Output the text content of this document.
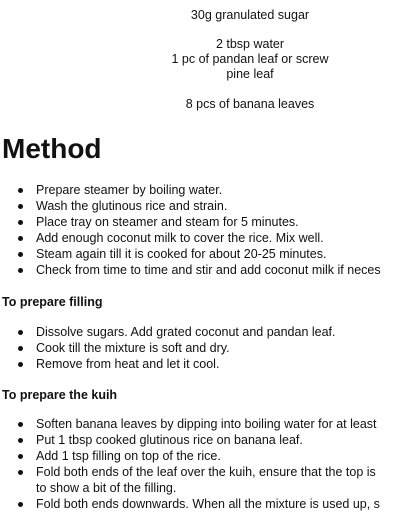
30g granulated sugar
2 tbsp water
1 pc of pandan leaf or screw
pine leaf
8 pcs of banana leaves
Method
Prepare steamer by boiling water.
Wash the glutinous rice and strain.
Place tray on steamer and steam for 5 minutes.
Add enough coconut milk to cover the rice. Mix well.
Steam again till it is cooked for about 20-25 minutes.
Check from time to time and stir and add coconut milk if neces
To prepare filling
Dissolve sugars. Add grated coconut and pandan leaf.
Cook till the mixture is soft and dry.
Remove from heat and let it cool.
To prepare the kuih
Soften banana leaves by dipping into boiling water for at least
Put 1 tbsp cooked glutinous rice on banana leaf.
Add 1 tsp filling on top of the rice.
Fold both ends of the leaf over the kuih, ensure that the top is
to show a bit of the filling.
Fold both ends downwards. When all the mixture is used up, s
